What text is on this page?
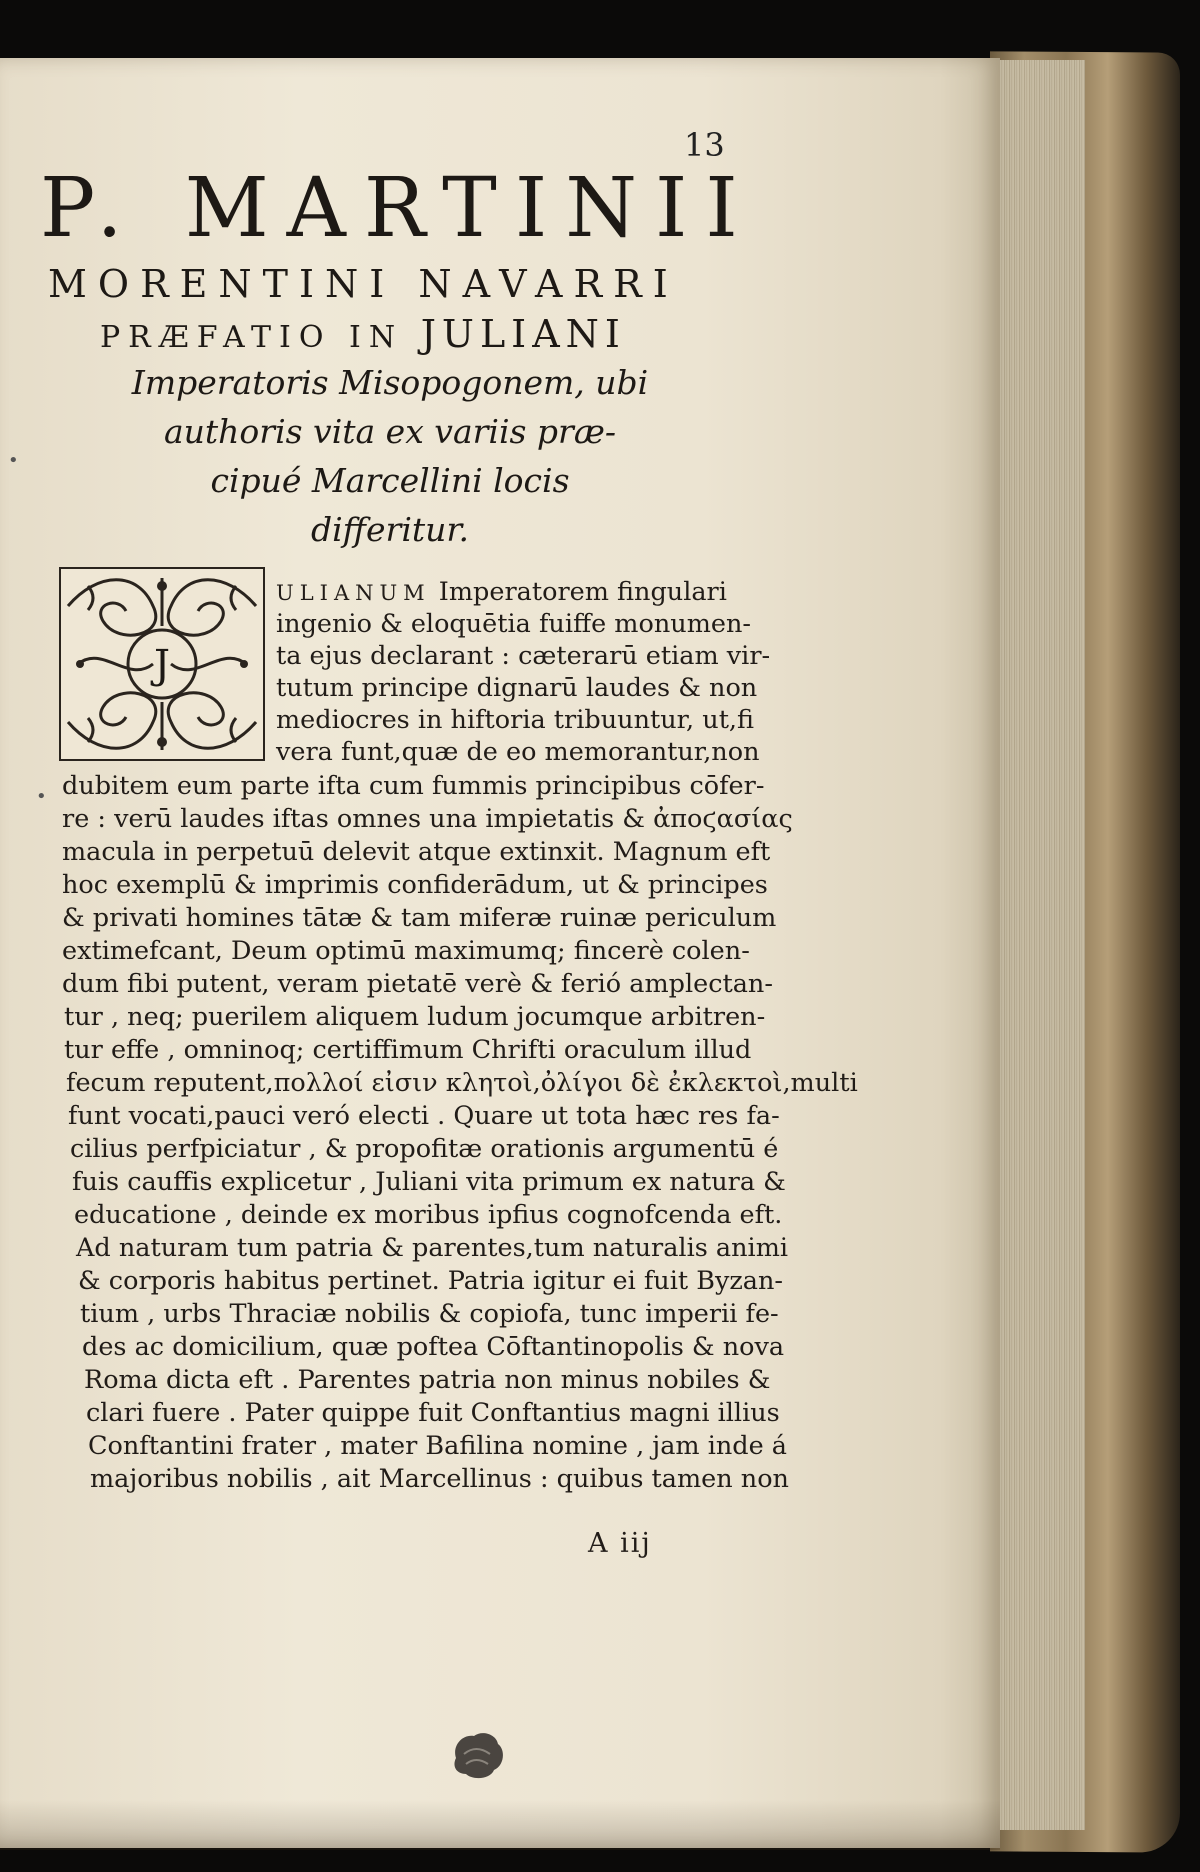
13
P. MARTINII
MORENTINI NAVARRI
PRÆFATIO IN JULIANI
Imperatoris Misopogonem, ubi
authoris vita ex variis præ-
cipué Marcellini locis
differitur.
J
ULIANUM Imperatorem fingulari
ingenio & eloquētia fuiffe monumen-
ta ejus declarant : cæterarū etiam vir-
tutum principe dignarū laudes & non
mediocres in hiftoria tribuuntur, ut,fi
vera funt,quæ de eo memorantur,non
dubitem eum parte ifta cum fummis principibus cōfer-
re : verū laudes iftas omnes una impietatis & ἀποϛασίας
macula in perpetuū delevit atque extinxit. Magnum eft
hoc exemplū & imprimis confiderādum, ut & principes
& privati homines tātæ & tam miferæ ruinæ periculum
extimefcant, Deum optimū maximumq; fincerè colen-
dum fibi putent, veram pietatē verè & ferió amplectan-
tur , neq; puerilem aliquem ludum jocumque arbitren-
tur effe , omninoq; certiffimum Chrifti oraculum illud
fecum reputent,πολλοί εἰσιν κλητοὶ,ὀλίγοι δὲ ἐκλεκτοὶ,multi
funt vocati,pauci veró electi . Quare ut tota hæc res fa-
cilius perfpiciatur , & propofitæ orationis argumentū é
fuis cauffis explicetur , Juliani vita primum ex natura &
educatione , deinde ex moribus ipfius cognofcenda eft.
Ad naturam tum patria & parentes,tum naturalis animi
& corporis habitus pertinet. Patria igitur ei fuit Byzan-
tium , urbs Thraciæ nobilis & copiofa, tunc imperii fe-
des ac domicilium, quæ poftea Cōftantinopolis & nova
Roma dicta eft . Parentes patria non minus nobiles &
clari fuere . Pater quippe fuit Conftantius magni illius
Conftantini frater , mater Bafilina nomine , jam inde á
majoribus nobilis , ait Marcellinus : quibus tamen non
A iij
•
•
